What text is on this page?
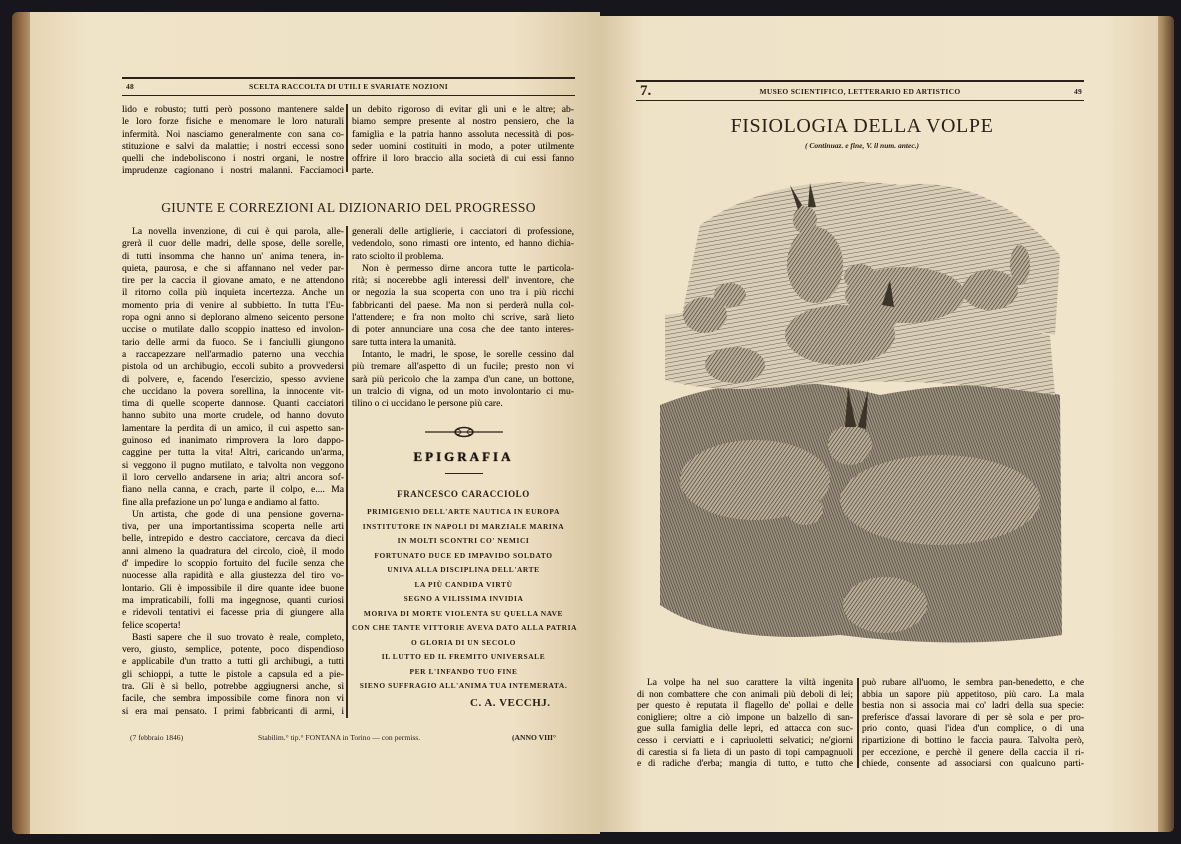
48	SCELTA RACCOLTA DI UTILI E SVARIATE NOZIONI
lido e robusto; tutti però possono mantenere salde
le loro forze fisiche e menomare le loro naturali
infermità. Noi nasciamo generalmente con sana co-
stituzione e salvi da malattie; i nostri eccessi sono
quelli che indeboliscono i nostri organi, le nostre
imprudenze cagionano i nostri malanni. Facciamoci
un debito rigoroso di evitar gli uni e le altre; ab-
biamo sempre presente al nostro pensiero, che la
famiglia e la patria hanno assoluta necessità di pos-
seder uomini costituiti in modo, a poter utilmente
offrire il loro braccio alla società di cui essi fanno
parte.
GIUNTE E CORREZIONI AL DIZIONARIO DEL PROGRESSO
La novella invenzione, di cui è qui parola, alle-
grerà il cuor delle madri, delle spose, delle sorelle,
di tutti insomma che hanno un' anima tenera, in-
quieta, paurosa, e che si affannano nel veder par-
tire per la caccia il giovane amato, e ne attendono
il ritorno colla più inquieta incertezza. Anche un
momento pria di venire al subbietto. In tutta l'Eu-
ropa ogni anno si deplorano almeno seicento persone
uccise o mutilate dallo scoppio inatteso ed involon-
tario delle armi da fuoco. Se i fanciulli giungono
a raccapezzare nell'armadio paterno una vecchia
pistola od un archibugio, eccoli subito a provvedersi
di polvere, e, facendo l'esercizio, spesso avviene
che uccidano la povera sorellina, la innocente vit-
tima di quelle scoperte dannose. Quanti cacciatori
hanno subito una morte crudele, od hanno dovuto
lamentare la perdita di un amico, il cui aspetto san-
guinoso ed inanimato rimprovera la loro dappo-
caggine per tutta la vita! Altri, caricando un'arma,
si veggono il pugno mutilato, e talvolta non veggono
il loro cervello andarsene in aria; altri ancora sof-
fiano nella canna, e crach, parte il colpo, e.... Ma
fine alla prefazione un po' lunga e andiamo al fatto.
Un artista, che gode di una pensione governa-
tiva, per una importantissima scoperta nelle arti
belle, intrepido e destro cacciatore, cercava da dieci
anni almeno la quadratura del circolo, cioè, il modo
d' impedire lo scoppio fortuito del fucile senza che
nuocesse alla rapidità e alla giustezza del tiro vo-
lontario. Gli è impossibile il dire quante idee buone
ma impraticabili, folli ma ingegnose, quanti curiosi
e ridevoli tentativi ei facesse pria di giungere alla
felice scoperta!
Basti sapere che il suo trovato è reale, completo,
vero, giusto, semplice, potente, poco dispendioso
e applicabile d'un tratto a tutti gli archibugi, a tutti
gli schioppi, a tutte le pistole a capsula ed a pie-
tra. Gli è sì bello, potrebbe aggiugnersi anche, sì
facile, che sembra impossibile come finora non vi
si era mai pensato. I primi fabbricanti di armi, i
generali delle artiglierie, i cacciatori di professione,
vedendolo, sono rimasti ore intento, ed hanno dichia-
rato sciolto il problema.
Non è permesso dirne ancora tutte le particola-
rità; si nocerebbe agli interessi dell' inventore, che
or negozia la sua scoperta con uno tra i più ricchi
fabbricanti del paese. Ma non si perderà nulla col-
l'attendere; e fra non molto chi scrive, sarà lieto
di poter annunciare una cosa che dee tanto interes-
sare tutta intera la umanità.
Intanto, le madri, le spose, le sorelle cessino dal
più tremare all'aspetto di un fucile; presto non vi
sarà più pericolo che la zampa d'un cane, un bottone,
un tralcio di vigna, od un moto involontario ci mu-
tilino o ci uccidano le persone più care.
EPIGRAFIA
FRANCESCO CARACCIOLO
PRIMIGENIO DELL'ARTE NAUTICA IN EUROPA
INSTITUTORE IN NAPOLI DI MARZIALE MARINA
IN MOLTI SCONTRI CO' NEMICI
FORTUNATO DUCE ED IMPAVIDO SOLDATO
UNIVA ALLA DISCIPLINA DELL'ARTE
LA PIÙ CANDIDA VIRTÙ
SEGNO A VILISSIMA INVIDIA
MORIVA DI MORTE VIOLENTA SU QUELLA NAVE
CON CHE TANTE VITTORIE AVEVA DATO ALLA PATRIA
O GLORIA DI UN SECOLO
IL LUTTO ED IL FREMITO UNIVERSALE
PER L'INFANDO TUO FINE
SIENO SUFFRAGIO ALL'ANIMA TUA INTEMERATA.
C. A. VECCHJ.
(7 febbraio 1846)	Stabilim.° tip.° FONTANA in Torino — con permiss.	(ANNO VIII°
7.	MUSEO SCIENTIFICO, LETTERARIO ED ARTISTICO	49
FISIOLOGIA DELLA VOLPE
( Continuaz. e fine, V. il num. antec.)
La volpe ha nel suo carattere la viltà ingenita
di non combattere che con animali più deboli di lei;
per questo è reputata il flagello de' pollai e delle
conigliere; oltre a ciò impone un balzello di san-
gue sulla famiglia delle lepri, ed attacca con suc-
cesso i cerviatti e i capriuoletti selvatici; ne'giorni
di carestia si fa lieta di un pasto di topi campagnuoli
e di radiche d'erba; mangia di tutto, e tutto che
può rubare all'uomo, le sembra pan-benedetto, e che
abbia un sapore più appetitoso, più caro. La mala
bestia non si associa mai co' ladri della sua specie:
preferisce d'assai lavorare di per sè sola e per pro-
prio conto, quasi l'idea d'un complice, o di una
ripartizione di bottino le faccia paura. Talvolta però,
per eccezione, e perchè il genere della caccia il ri-
chiede, consente ad associarsi con qualcuno parti-
